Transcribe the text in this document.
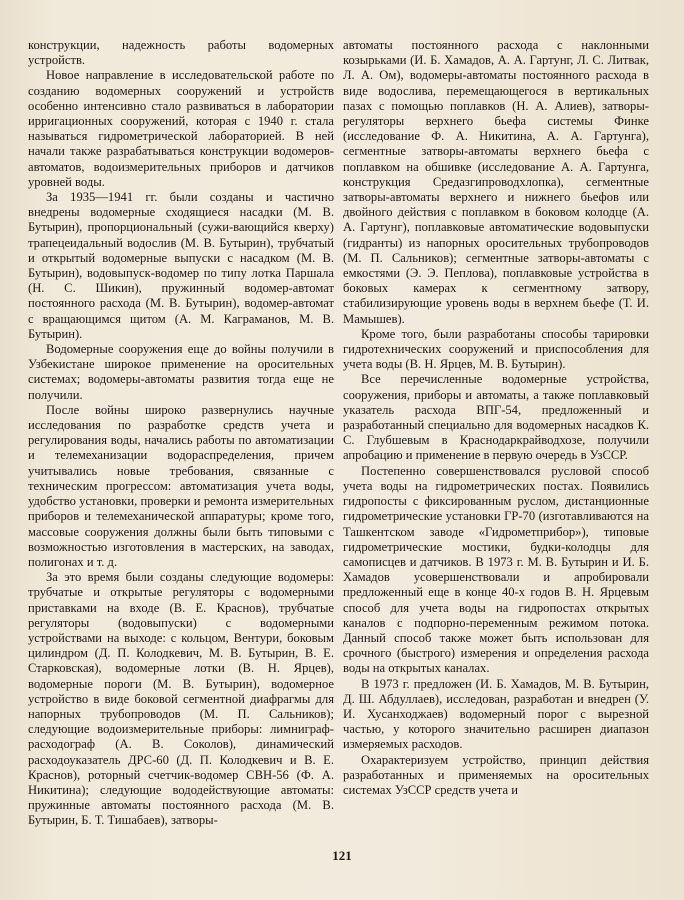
конструкции, надежность работы водомерных устройств.

Новое направление в исследовательской работе по созданию водомерных сооружений и устройств особенно интенсивно стало развиваться в лаборатории ирригационных сооружений, которая с 1940 г. стала называться гидрометрической лабораторией. В ней начали также разрабатываться конструкции водомеров-автоматов, водоизмерительных приборов и датчиков уровней воды.

За 1935—1941 гг. были созданы и частично внедрены водомерные сходящиеся насадки (М. В. Бутырин), пропорциональный (сужи-вающийся кверху) трапецеидальный водослив (М. В. Бутырин), трубчатый и открытый водомерные выпуски с насадком (М. В. Бутырин), водовыпуск-водомер по типу лотка Паршала (Н. С. Шикин), пружинный водомер-автомат постоянного расхода (М. В. Бутырин), водомер-автомат с вращающимся щитом (А. М. Каграманов, М. В. Бутырин).

Водомерные сооружения еще до войны получили в Узбекистане широкое применение на оросительных системах; водомеры-автоматы развития тогда еще не получили.

После войны широко развернулись научные исследования по разработке средств учета и регулирования воды, начались работы по автоматизации и телемеханизации водораспределения, причем учитывались новые требования, связанные с техническим прогрессом: автоматизация учета воды, удобство установки, проверки и ремонта измерительных приборов и телемеханической аппаратуры; кроме того, массовые сооружения должны были быть типовыми с возможностью изготовления в мастерских, на заводах, полигонах и т. д.

За это время были созданы следующие водомеры: трубчатые и открытые регуляторы с водомерными приставками на входе (В. Е. Краснов), трубчатые регуляторы (водовыпуски) с водомерными устройствами на выходе: с кольцом, Вентури, боковым цилиндром (Д. П. Колодкевич, М. В. Бутырин, В. Е. Старковская), водомерные лотки (В. Н. Ярцев), водомерные пороги (М. В. Бутырин), водомерное устройство в виде боковой сегментной диафрагмы для напорных трубопроводов (М. П. Сальников); следующие водоизмерительные приборы: лимниграф-расходограф (А. В. Соколов), динамический расходоуказатель ДРС-60 (Д. П. Колодкевич и В. Е. Краснов), роторный счетчик-водомер СВН-56 (Ф. А. Никитина); следующие вододействующие автоматы: пружинные автоматы постоянного расхода (М. В. Бутырин, Б. Т. Тишабаев), затворы-

автоматы постоянного расхода с наклонными козырьками (И. Б. Хамадов, А. А. Гартунг, Л. С. Литвак, Л. А. Ом), водомеры-автоматы постоянного расхода в виде водослива, перемещающегося в вертикальных пазах с помощью поплавков (Н. А. Алиев), затворы-регуляторы верхнего бьефа системы Финке (исследование Ф. А. Никитина, А. А. Гартунга), сегментные затворы-автоматы верхнего бьефа с поплавком на обшивке (исследование А. А. Гартунга, конструкция Средазгипроводхлопка), сегментные затворы-автоматы верхнего и нижнего бьефов или двойного действия с поплавком в боковом колодце (А. А. Гартунг), поплавковые автоматические водовыпуски (гидранты) из напорных оросительных трубопроводов (М. П. Сальников); сегментные затворы-автоматы с емкостями (Э. Э. Пеплова), поплавковые устройства в боковых камерах к сегментному затвору, стабилизирующие уровень воды в верхнем бьефе (Т. И. Мамышев).

Кроме того, были разработаны способы тарировки гидротехнических сооружений и приспособления для учета воды (В. Н. Ярцев, М. В. Бутырин).

Все перечисленные водомерные устройства, сооружения, приборы и автоматы, а также поплавковый указатель расхода ВПГ-54, предложенный и разработанный специально для водомерных насадков К. С. Глубшевым в Краснодаркрайводхозе, получили апробацию и применение в первую очередь в УзССР.

Постепенно совершенствовался русловой способ учета воды на гидрометрических постах. Появились гидропосты с фиксированным руслом, дистанционные гидрометрические установки ГР-70 (изготавливаются на Ташкентском заводе «Гидрометприбор»), типовые гидрометрические мостики, будки-колодцы для самописцев и датчиков. В 1973 г. М. В. Бутырин и И. Б. Хамадов усовершенствовали и апробировали предложенный еще в конце 40-х годов В. Н. Ярцевым способ для учета воды на гидропостах открытых каналов с подпорно-переменным режимом потока. Данный способ также может быть использован для срочного (быстрого) измерения и определения расхода воды на открытых каналах.

В 1973 г. предложен (И. Б. Хамадов, М. В. Бутырин, Д. Ш. Абдуллаев), исследован, разработан и внедрен (У. И. Хусанходжаев) водомерный порог с вырезной частью, у которого значительно расширен диапазон измеряемых расходов.

Охарактеризуем устройство, принцип действия разработанных и применяемых на оросительных системах УзССР средств учета и

121
